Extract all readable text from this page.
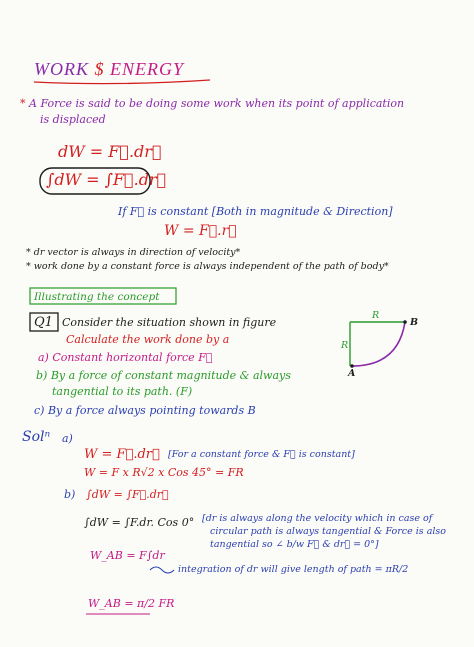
WORK $ ENERGY
* A Force is said to be doing some work when its point of application
is displaced
dW = F⃗.dr⃗
∫dW = ∫F⃗.dr⃗
If F⃗ is constant [Both in magnitude & Direction]
W = F⃗.r⃗
* dr vector is always in direction of velocity*
* work done by a constant force is always independent of the path of body*
Illustrating the concept
Q1 Consider the situation shown in figure
Calculate the work done by a
a) Constant horizontal force F⃗
b) By a force of constant magnitude & always
tangential to its path. (F)
c) By a force always pointing towards B
Solⁿ a)
W = F⃗.dr⃗ [For a constant force & F⃗ is constant]
W = F x R√2 x Cos 45° = FR
b) ∫dW = ∫F⃗.dr⃗
∫dW = ∫F.dr. Cos 0° [dr is always along the velocity which in case of
circular path is always tangential & Force is also
tangential so ∠ b/w F⃗ & dr⃗ = 0°]
W_AB = F∫dr
integration of dr will give length of path = πR/2
W_AB = π/2 FR
R
R
A
B
